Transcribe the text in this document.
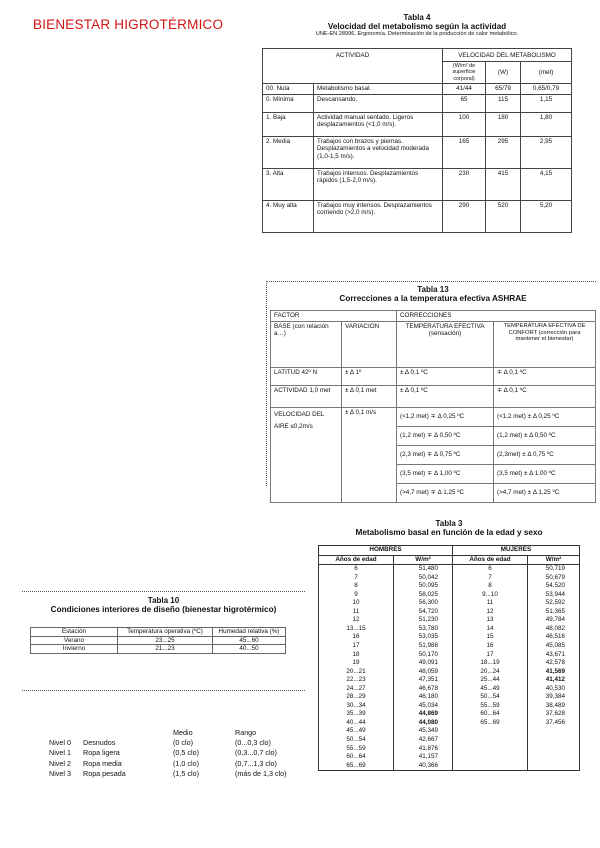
BIENESTAR HIGROTÉRMICO	Tabla 4
Velocidad del metabolismo según la actividad
UNE-EN 28996. Ergonomía. Determinación de la producción de calor metabólico.
ACTIVIDAD		VELOCIDAD DEL METABOLISMO		
		(W/m² de superficie corporal)	(W)	(met)
00. Nula	Metabolismo basal.	41/44	65/79	0,65/0,79
0. Mínima	Descansando.	65	115	1,15
1. Baja	Actividad manual sentado. Ligeros desplazamientos (<1,0 m/s).	100	180	1,80
2. Media	Trabajos con brazos y piernas. Desplazamientos a velocidad moderada (1,0-1,5 m/s).	165	295	2,95
3. Alta	Trabajos intensos. Desplazamientos rápidos (1,5-2,0 m/s).	230	415	4,15
4. Muy alta	Trabajos muy intensos. Desplazamientos corriendo (>2,0 m/s).	290	520	5,20
Tabla 13
Correcciones a la temperatura efectiva ASHRAE
FACTOR		CORRECCIONES	
BASE (con relación a…)	VARIACION	TEMPERATURA EFECTIVA (sensación)	TEMPERATURA EFECTIVA DE CONFORT (corrección para mantener el bienestar)
LATITUD 42º N	± Δ 1º	± Δ 0,1 ºC	∓ Δ 0,1 ºC
ACTIVIDAD 1,0 met	± Δ 0,1 met	± Δ 0,1 ºC	∓ Δ 0,1 ºC
VELOCIDAD DEL AIRE ≤0,2m/s	± Δ 0,1 m/s	(<1,2 met) ∓ Δ 0,25 ºC	(<1,2 met) ± Δ 0,25 ºC
		(1,2 met) ∓ Δ 0,50 ºC	(1,2 met) ± Δ 0,50 ºC
		(2,3 met) ∓ Δ 0,75 ºC	(2,3met) ± Δ 0,75 ºC
		(3,5 met) ∓ Δ 1,00 ºC	(3,5 met) ± Δ 1,00 ºC
		(>4,7 met) ∓ Δ 1,25 ºC	(>4,7 met) ± Δ 1,25 ºC
Tabla 3
Metabolismo basal en función de la edad y sexo
HOMBRES		MUJERES	
Años de edad	W/m²	Años de edad	W/m²
6	51,480	6	50,719
7	50,042	7	50,679
8	50,095	8	54,520
9	58,025	9...10	53,944
10	56,300	11	52,592
11	54,720	12	51,365
12	51,230	13	49,784
13...15	53,780	14	48,082
16	53,035	15	46,516
17	51,988	16	45,085
18	50,170	17	43,671
19	49,091	18...19	42,578
20...21	48,059	20...24	41,569
22...23	47,351	25...44	41,412
24...27	46,678	45...49	40,530
28...29	46,180	50...54	39,384
30...34	45,034	55...59	38,489
35...39	44,869	60...64	37,628
40...44	44,080	65...69	37,456
45...49	45,349		
50...54	42,667		
55...59	41,876		
60...64	41,157		
65...69	40,366		
Tabla 10
Condiciones interiores de diseño (bienestar higrotérmico)
Estación	Temperatura operativa (ºC)	Humedad relativa (%)
Verano	23...25	45...60
Invierno	21...23	40...50
		Medio	Rango
Nivel 0	Desnudos	(0 clo)	(0...0,3 clo)
Nivel 1	Ropa ligera	(0,5 clo)	(0,3...0,7 clo)
Nivel 2	Ropa media	(1,0 clo)	(0,7...1,3 clo)
Nivel 3	Ropa pesada	(1,5 clo)	(más de 1,3 clo)
